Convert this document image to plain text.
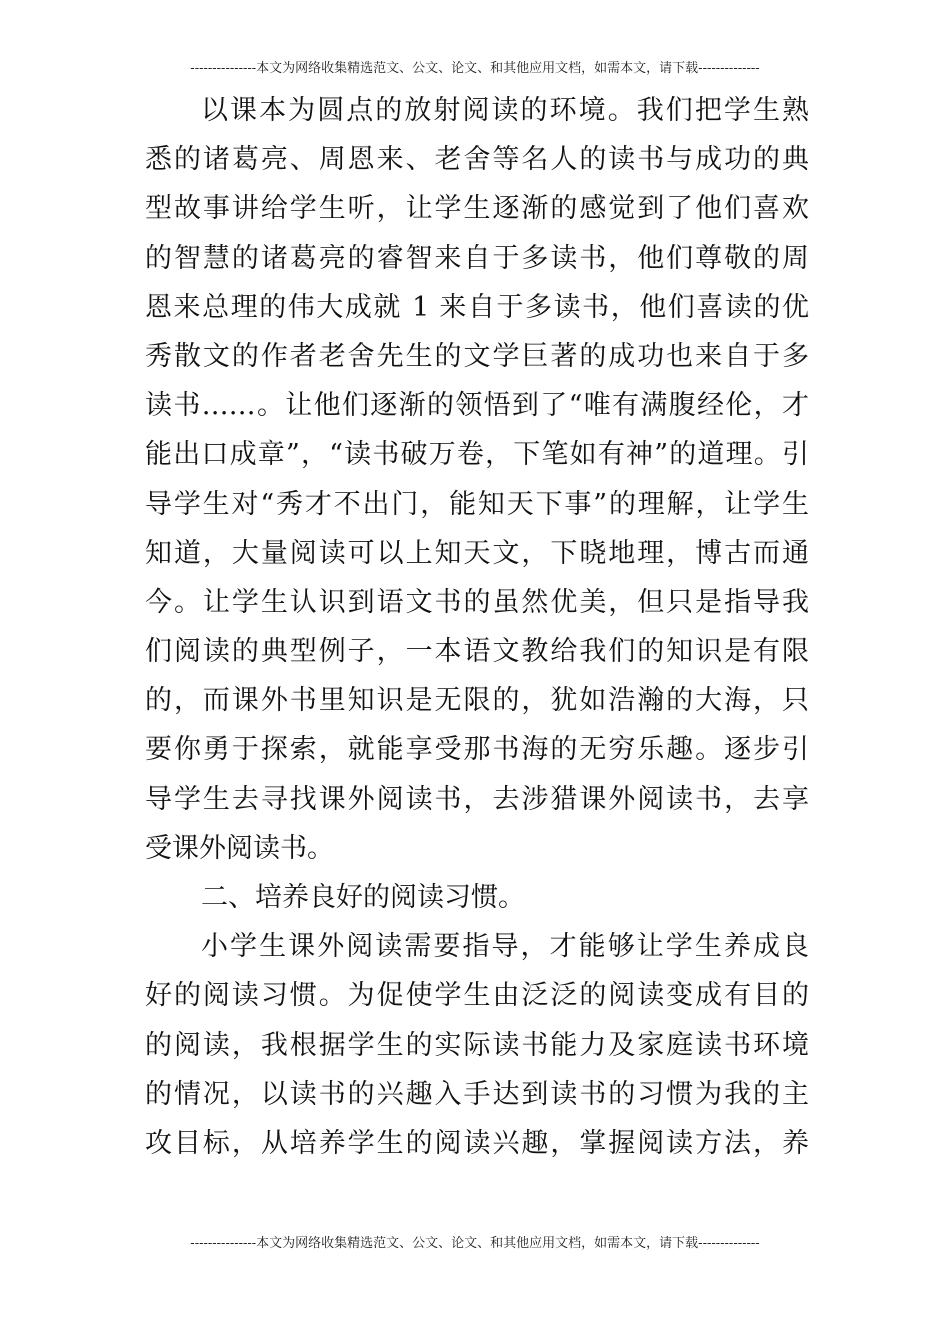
---------------本文为网络收集精选范文、公文、论文、和其他应用文档，如需本文，请下载--------------
以课本为圆点的放射阅读的环境。我们把学生熟
悉的诸葛亮、周恩来、老舍等名人的读书与成功的典
型故事讲给学生听，让学生逐渐的感觉到了他们喜欢
的智慧的诸葛亮的睿智来自于多读书，他们尊敬的周
恩来总理的伟大成就 1 来自于多读书，他们喜读的优
秀散文的作者老舍先生的文学巨著的成功也来自于多
读书……。让他们逐渐的领悟到了“唯有满腹经伦，才
能出口成章”，“读书破万卷，下笔如有神”的道理。引
导学生对“秀才不出门，能知天下事”的理解，让学生
知道，大量阅读可以上知天文，下晓地理，博古而通
今。让学生认识到语文书的虽然优美，但只是指导我
们阅读的典型例子，一本语文教给我们的知识是有限
的，而课外书里知识是无限的，犹如浩瀚的大海，只
要你勇于探索，就能享受那书海的无穷乐趣。逐步引
导学生去寻找课外阅读书，去涉猎课外阅读书，去享
受课外阅读书。
二、培养良好的阅读习惯。
小学生课外阅读需要指导，才能够让学生养成良
好的阅读习惯。为促使学生由泛泛的阅读变成有目的
的阅读，我根据学生的实际读书能力及家庭读书环境
的情况，以读书的兴趣入手达到读书的习惯为我的主
攻目标，从培养学生的阅读兴趣，掌握阅读方法，养
---------------本文为网络收集精选范文、公文、论文、和其他应用文档，如需本文，请下载--------------
